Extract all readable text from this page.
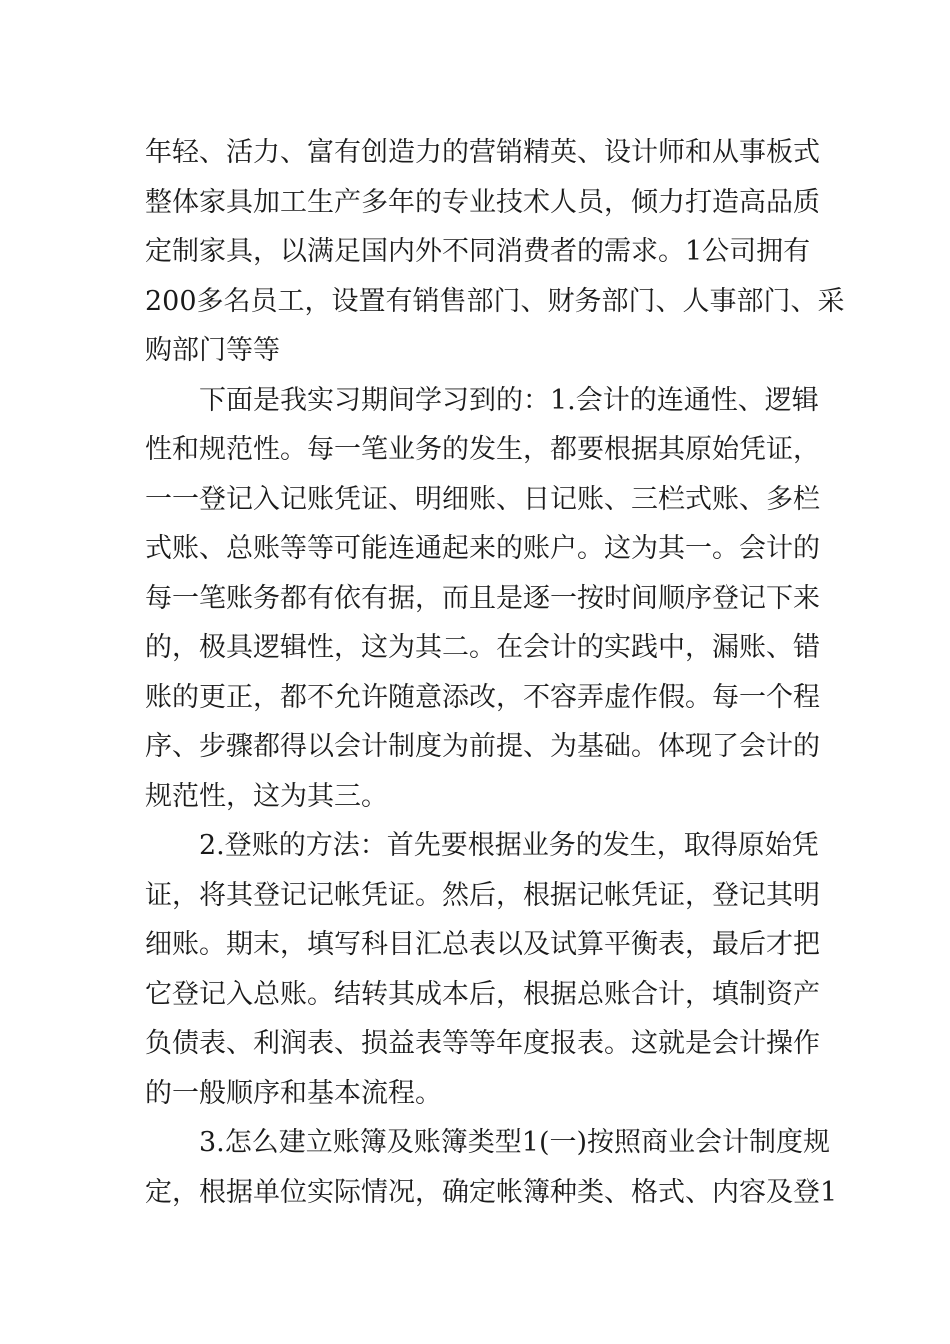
年轻、活力、富有创造力的营销精英、设计师和从事板式
整体家具加工生产多年的专业技术人员，倾力打造高品质
定制家具，以满足国内外不同消费者的需求。1公司拥有
200多名员工，设置有销售部门、财务部门、人事部门、采
购部门等等
下面是我实习期间学习到的：1.会计的连通性、逻辑
性和规范性。每一笔业务的发生，都要根据其原始凭证，
一一登记入记账凭证、明细账、日记账、三栏式账、多栏
式账、总账等等可能连通起来的账户。这为其一。会计的
每一笔账务都有依有据，而且是逐一按时间顺序登记下来
的，极具逻辑性，这为其二。在会计的实践中，漏账、错
账的更正，都不允许随意添改，不容弄虚作假。每一个程
序、步骤都得以会计制度为前提、为基础。体现了会计的
规范性，这为其三。
2.登账的方法：首先要根据业务的发生，取得原始凭
证，将其登记记帐凭证。然后，根据记帐凭证，登记其明
细账。期末，填写科目汇总表以及试算平衡表，最后才把
它登记入总账。结转其成本后，根据总账合计，填制资产
负债表、利润表、损益表等等年度报表。这就是会计操作
的一般顺序和基本流程。
3.怎么建立账簿及账簿类型1(一)按照商业会计制度规
定，根据单位实际情况，确定帐簿种类、格式、内容及登1
